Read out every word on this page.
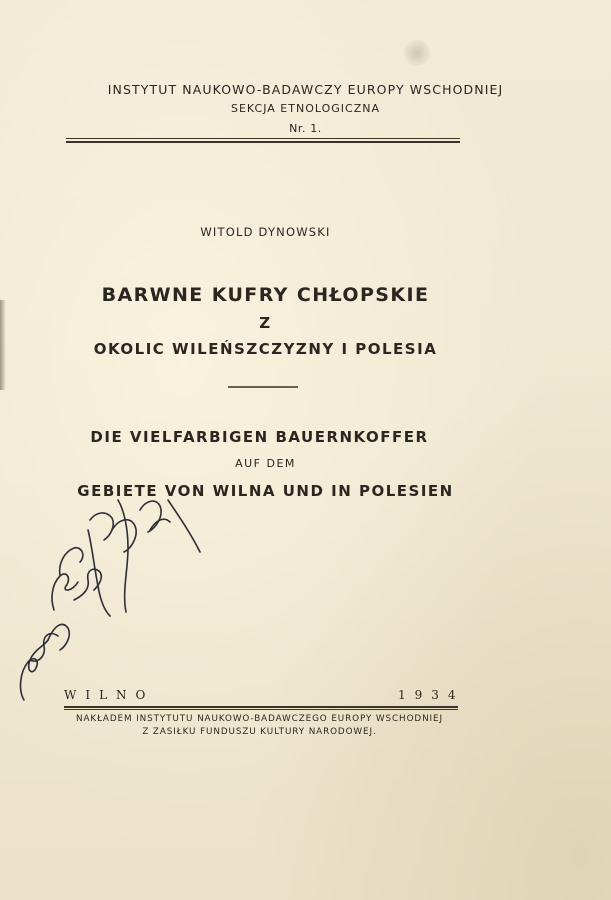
INSTYTUT NAUKOWO-BADAWCZY EUROPY WSCHODNIEJ
SEKCJA ETNOLOGICZNA
Nr. 1.
WITOLD DYNOWSKI
BARWNE KUFRY CHŁOPSKIE
Z
OKOLIC WILEŃSZCZYZNY I POLESIA
DIE VIELFARBIGEN BAUERNKOFFER
AUF DEM
GEBIETE VON WILNA UND IN POLESIEN
WILNO	1934
NAKŁADEM INSTYTUTU NAUKOWO-BADAWCZEGO EUROPY WSCHODNIEJ
Z ZASIŁKU FUNDUSZU KULTURY NARODOWEJ.
